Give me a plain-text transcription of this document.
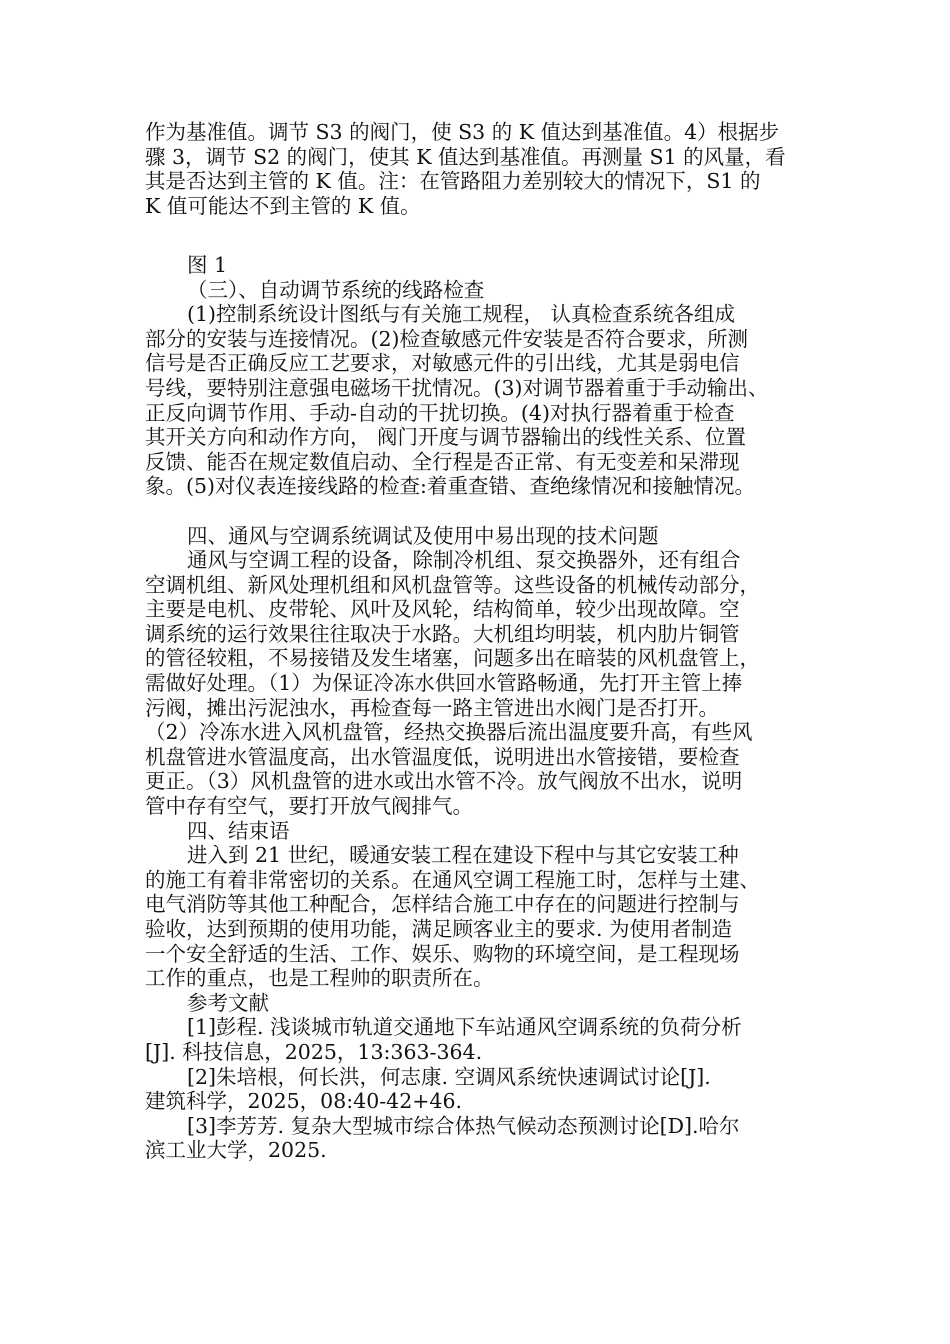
作为基准值。调节 S3 的阀门，使 S3 的 K 值达到基准值。4）根据步
骤 3，调节 S2 的阀门，使其 K 值达到基准值。再测量 S1 的风量，看
其是否达到主管的 K 值。注：在管路阻力差别较大的情况下，S1 的
K 值可能达不到主管的 K 值。
图 1
（三）、自动调节系统的线路检查
(1)控制系统设计图纸与有关施工规程， 认真检查系统各组成
部分的安装与连接情况。(2)检查敏感元件安装是否符合要求，所测
信号是否正确反应工艺要求，对敏感元件的引出线，尤其是弱电信
号线，要特别注意强电磁场干扰情况。(3)对调节器着重于手动输出、
正反向调节作用、手动-自动的干扰切换。(4)对执行器着重于检查
其开关方向和动作方向， 阀门开度与调节器输出的线性关系、位置
反馈、能否在规定数值启动、全行程是否正常、有无变差和呆滞现
象。(5)对仪表连接线路的检查:着重查错、查绝缘情况和接触情况。
四、通风与空调系统调试及使用中易出现的技术问题
通风与空调工程的设备，除制冷机组、泵交换器外，还有组合
空调机组、新风处理机组和风机盘管等。这些设备的机械传动部分，
主要是电机、皮带轮、风叶及风轮，结构简单，较少出现故障。空
调系统的运行效果往往取决于水路。大机组均明装，机内肋片铜管
的管径较粗，不易接错及发生堵塞，问题多出在暗装的风机盘管上，
需做好处理。（1）为保证冷冻水供回水管路畅通，先打开主管上捧
污阀，摊出污泥浊水，再检查每一路主管进出水阀门是否打开。
（2）冷冻水进入风机盘管，经热交换器后流出温度要升高，有些风
机盘管进水管温度高，出水管温度低，说明进出水管接错，要检查
更正。（3）风机盘管的进水或出水管不冷。放气阀放不出水，说明
管中存有空气，要打开放气阀排气。
四、结束语
进入到 21 世纪，暖通安装工程在建设下程中与其它安装工种
的施工有着非常密切的关系。在通风空调工程施工时，怎样与土建、
电气消防等其他工种配合，怎样结合施工中存在的问题进行控制与
验收，达到预期的使用功能，满足顾客业主的要求. 为使用者制造
一个安全舒适的生活、工作、娱乐、购物的环境空间，是工程现场
工作的重点，也是工程帅的职责所在。
参考文献
[1]彭程. 浅谈城市轨道交通地下车站通风空调系统的负荷分析
[J]. 科技信息，2025，13:363-364.
[2]朱培根，何长洪，何志康. 空调风系统快速调试讨论[J].
建筑科学，2025，08:40-42+46.
[3]李芳芳. 复杂大型城市综合体热气候动态预测讨论[D].哈尔
滨工业大学，2025.
